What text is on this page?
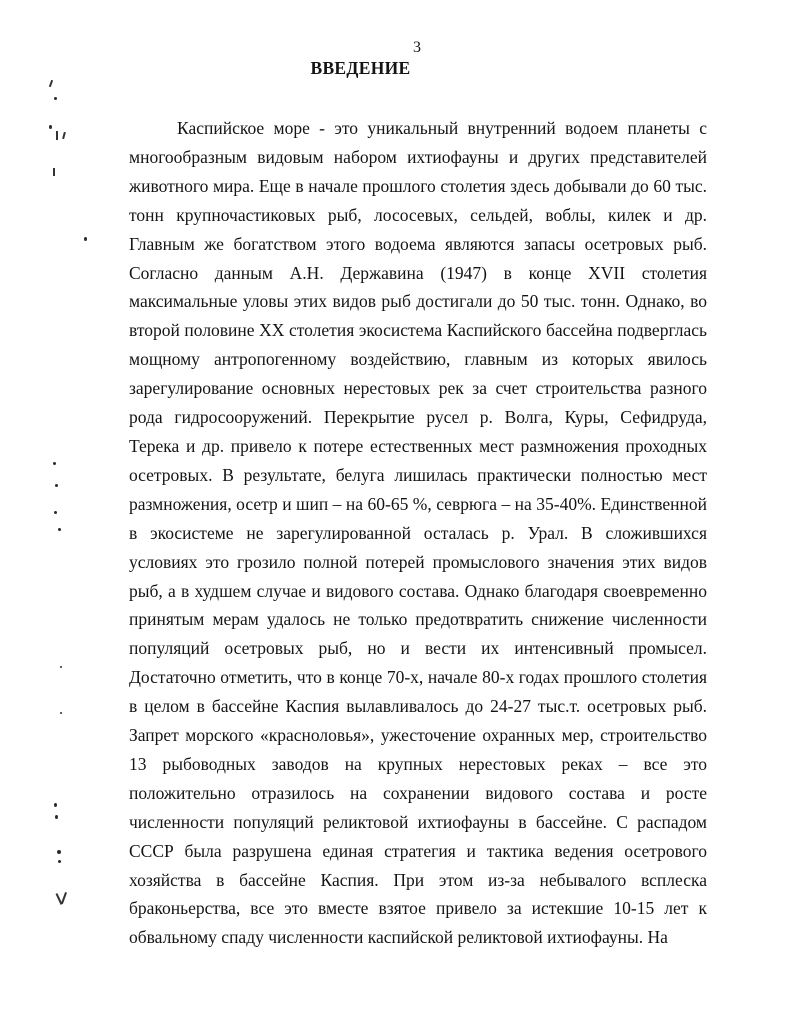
3
ВВЕДЕНИЕ

Каспийское море - это уникальный внутренний водоем планеты с многообразным видовым набором ихтиофауны и других представителей животного мира. Еще в начале прошлого столетия здесь добывали до 60 тыс. тонн крупночастиковых рыб, лососевых, сельдей, воблы, килек и др. Главным же богатством этого водоема являются запасы осетровых рыб. Согласно данным А.Н. Державина (1947) в конце XVII столетия максимальные уловы этих видов рыб достигали до 50 тыс. тонн. Однако, во второй половине XX столетия экосистема Каспийского бассейна подверглась мощному антропогенному воздействию, главным из которых явилось зарегулирование основных нерестовых рек за счет строительства разного рода гидросооружений. Перекрытие русел р. Волга, Куры, Сефидруда, Терека и др. привело к потере естественных мест размножения проходных осетровых. В результате, белуга лишилась практически полностью мест размножения, осетр и шип – на 60-65 %, севрюга – на 35-40%. Единственной в экосистеме не зарегулированной осталась р. Урал. В сложившихся условиях это грозило полной потерей промыслового значения этих видов рыб, а в худшем случае и видового состава. Однако благодаря своевременно принятым мерам удалось не только предотвратить снижение численности популяций осетровых рыб, но и вести их интенсивный промысел. Достаточно отметить, что в конце 70-х, начале 80-х годах прошлого столетия в целом в бассейне Каспия вылавливалось до 24-27 тыс.т. осетровых рыб. Запрет морского «красноловья», ужесточение охранных мер, строительство 13 рыбоводных заводов на крупных нерестовых реках – все это положительно отразилось на сохранении видового состава и росте численности популяций реликтовой ихтиофауны в бассейне. С распадом СССР была разрушена единая стратегия и тактика ведения осетрового хозяйства в бассейне Каспия. При этом из-за небывалого всплеска браконьерства, все это вместе взятое привело за истекшие 10-15 лет к обвальному спаду численности каспийской реликтовой ихтиофауны. На
